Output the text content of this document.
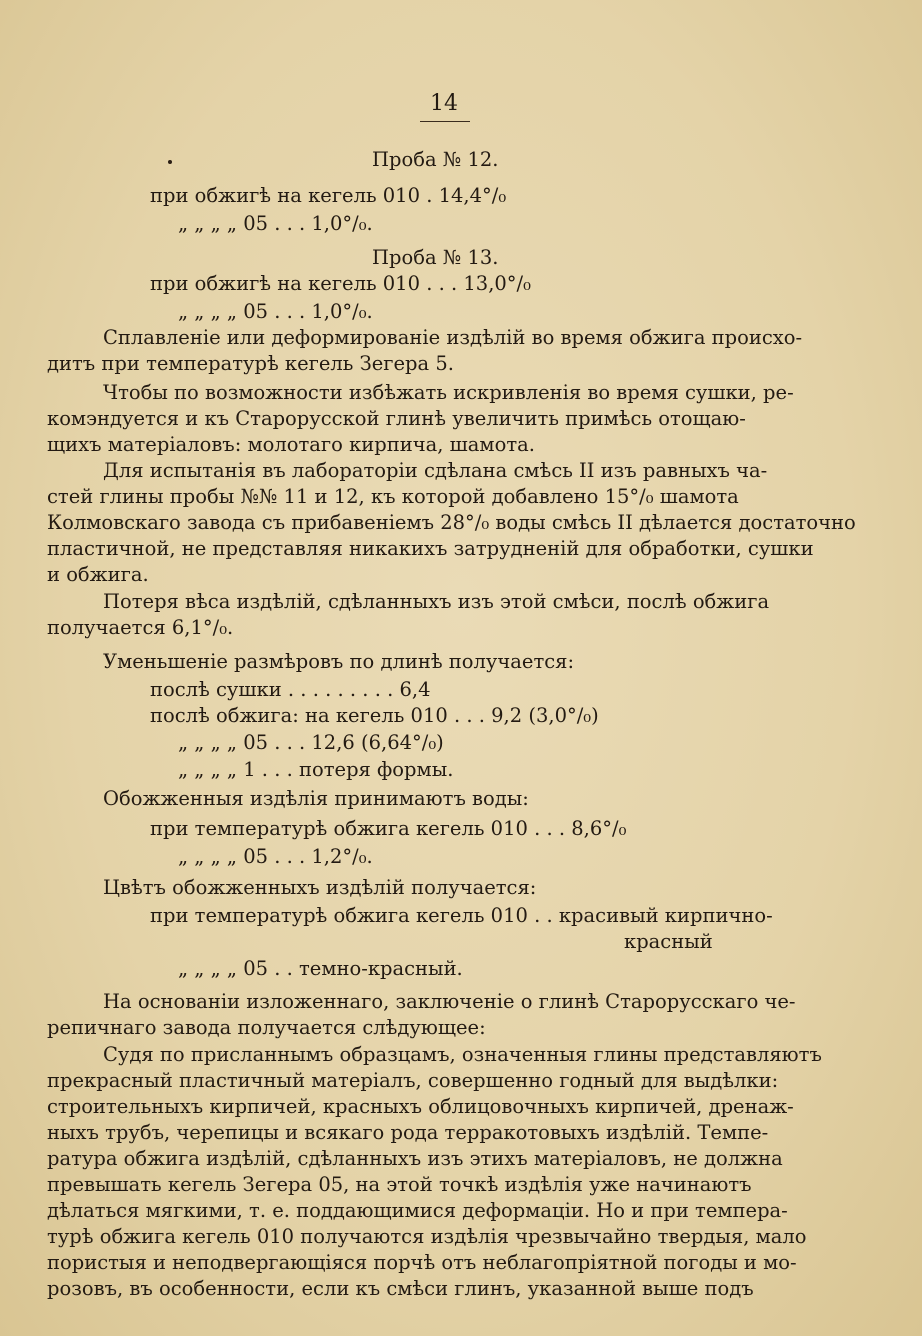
14
Проба № 12.
при обжигѣ на кегель 010 . 14,4°/₀
„ „ „ „ 05 . . . 1,0°/₀.
Проба № 13.
при обжигѣ на кегель 010 . . . 13,0°/₀
„ „ „ „ 05 . . . 1,0°/₀.
Сплавленіе или деформированіе издѣлій во время обжига происхо-
дитъ при температурѣ кегель Зегера 5.
Чтобы по возможности избѣжать искривленія во время сушки, ре-
комэндуется и къ Старорусской глинѣ увеличить примѣсь отощаю-
щихъ матеріаловъ: молотаго кирпича, шамота.
Для испытанія въ лабораторіи сдѣлана смѣсь II изъ равныхъ ча-
стей глины пробы №№ 11 и 12, къ которой добавлено 15°/₀ шамота
Колмовскаго завода съ прибавеніемъ 28°/₀ воды смѣсь II дѣлается достаточно
пластичной, не представляя никакихъ затрудненій для обработки, сушки
и обжига.
Потеря вѣса издѣлій, сдѣланныхъ изъ этой смѣси, послѣ обжига
получается 6,1°/₀.
Уменьшеніе размѣровъ по длинѣ получается:
послѣ сушки . . . . . . . . . 6,4
послѣ обжига: на кегель 010 . . . 9,2 (3,0°/₀)
„ „ „ „ 05 . . . 12,6 (6,64°/₀)
„ „ „ „ 1 . . . потеря формы.
Обожженныя издѣлія принимаютъ воды:
при температурѣ обжига кегель 010 . . . 8,6°/₀
„ „ „ „ 05 . . . 1,2°/₀.
Цвѣтъ обожженныхъ издѣлій получается:
при температурѣ обжига кегель 010 . . красивый кирпично-
красный
„ „ „ „ 05 . . темно-красный.
На основаніи изложеннаго, заключеніе о глинѣ Старорусскаго че-
репичнаго завода получается слѣдующее:
Судя по присланнымъ образцамъ, означенныя глины представляютъ
прекрасный пластичный матеріалъ, совершенно годный для выдѣлки:
строительныхъ кирпичей, красныхъ облицовочныхъ кирпичей, дренаж-
ныхъ трубъ, черепицы и всякаго рода терракотовыхъ издѣлій. Темпе-
ратура обжига издѣлій, сдѣланныхъ изъ этихъ матеріаловъ, не должна
превышать кегель Зегера 05, на этой точкѣ издѣлія уже начинаютъ
дѣлаться мягкими, т. е. поддающимися деформаціи. Но и при темпера-
турѣ обжига кегель 010 получаются издѣлія чрезвычайно твердыя, мало
пористыя и неподвергающіяся порчѣ отъ неблагопріятной погоды и мо-
розовъ, въ особенности, если къ смѣси глинъ, указанной выше подъ
